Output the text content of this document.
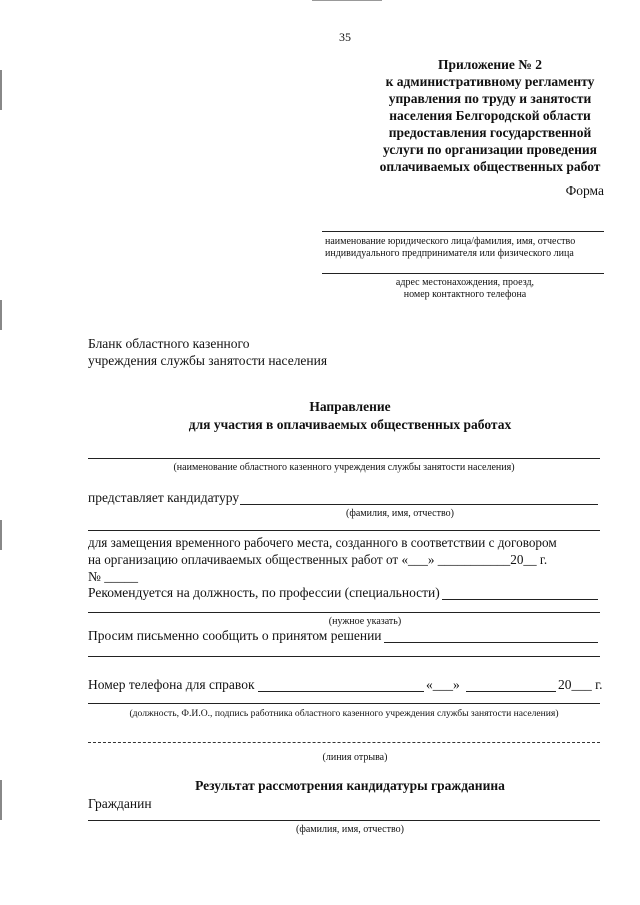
35
Приложение № 2
к административному регламенту
управления по труду и занятости
населения Белгородской области
предоставления государственной
услуги по организации проведения
оплачиваемых общественных работ
Форма
наименование юридического лица/фамилия, имя, отчество
индивидуального предпринимателя или физического лица
адрес местонахождения, проезд,
номер контактного телефона
Бланк областного казенного
учреждения службы занятости населения
Направление
для участия в оплачиваемых общественных работах
(наименование областного казенного учреждения службы занятости населения)
представляет кандидатуру
(фамилия, имя, отчество)
для замещения временного рабочего места, созданного в соответствии с договором
на организацию оплачиваемых общественных работ от «___» ___________20__ г.
№ _____
Рекомендуется на должность, по профессии (специальности)
(нужное указать)
Просим письменно сообщить о принятом решении
Номер телефона для справок	«___»	20___ г.
(должность, Ф.И.О., подпись работника областного казенного учреждения службы занятости населения)
(линия отрыва)
Результат рассмотрения кандидатуры гражданина
Гражданин
(фамилия, имя, отчество)
